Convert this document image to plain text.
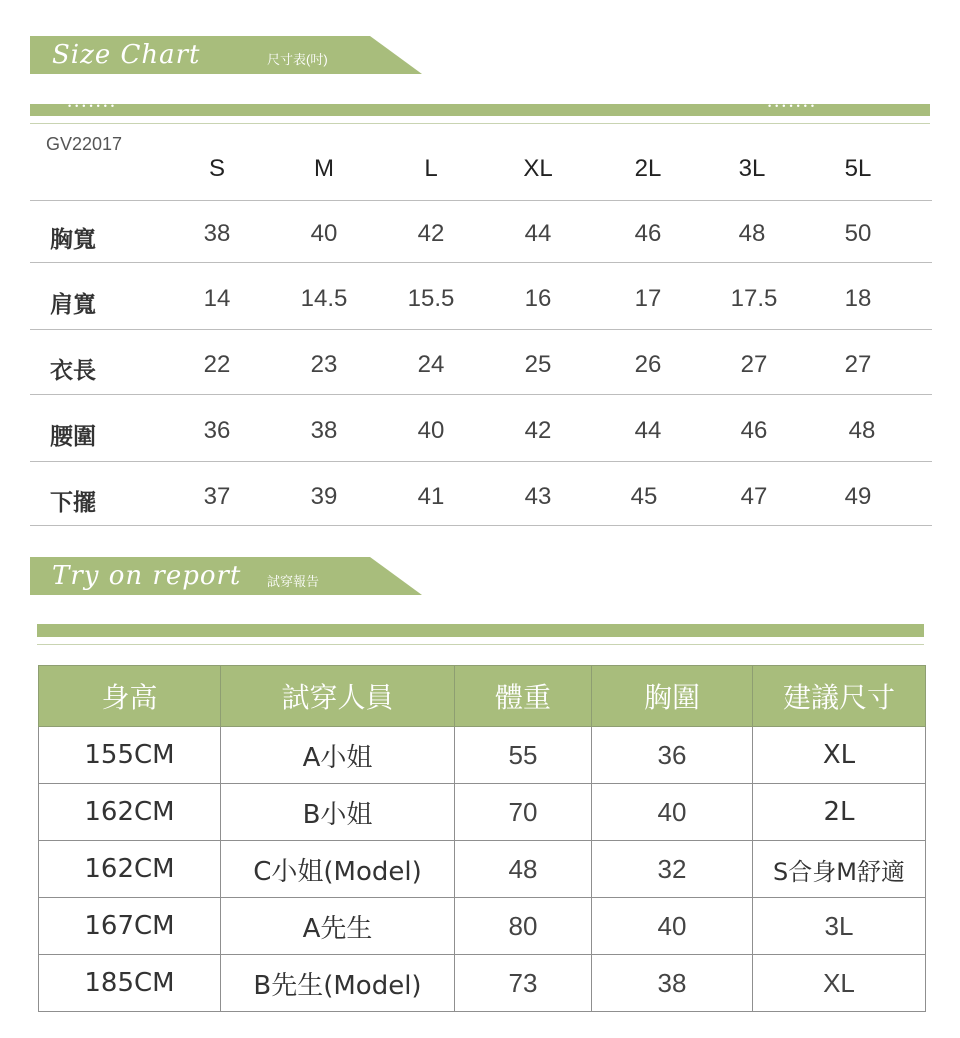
Size Chart	尺寸表(吋)
•••••••	•••••••
GV22017
S	M	L	XL	2L	3L	5L
胸寬	38	40	42	44	46	48	50
肩寬	14	14.5	15.5	16	17	17.5	18
衣長	22	23	24	25	26	27	27
腰圍	36	38	40	42	44	46	48
下擺	37	39	41	43	45	47	49
Try on report 試穿報告
身高	試穿人員	體重	胸圍	建議尺寸
155CM	A小姐	55	36	XL
162CM	B小姐	70	40	2L
162CM	C小姐(Model)	48	32	S合身M舒適
167CM	A先生	80	40	3L
185CM	B先生(Model)	73	38	XL
